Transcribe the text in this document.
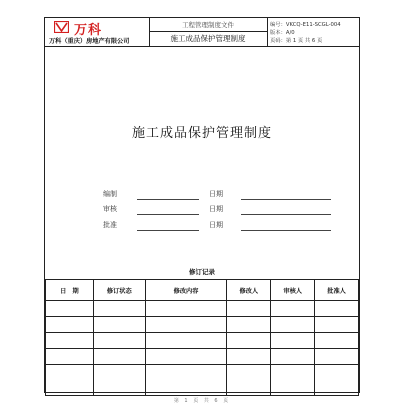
万科
万科（重庆）房地产有限公司
工程管理制度文件
施工成品保护管理制度
编号：VKCQ-E11-SCGL-004
版本：A/0
页码：第 1 页 共 6 页
施工成品保护管理制度
编制	日期
审核	日期
批准	日期
修订记录
日　期	修订状态	修改内容	修改人	审核人	批准人

第 1 页 共 6 页
